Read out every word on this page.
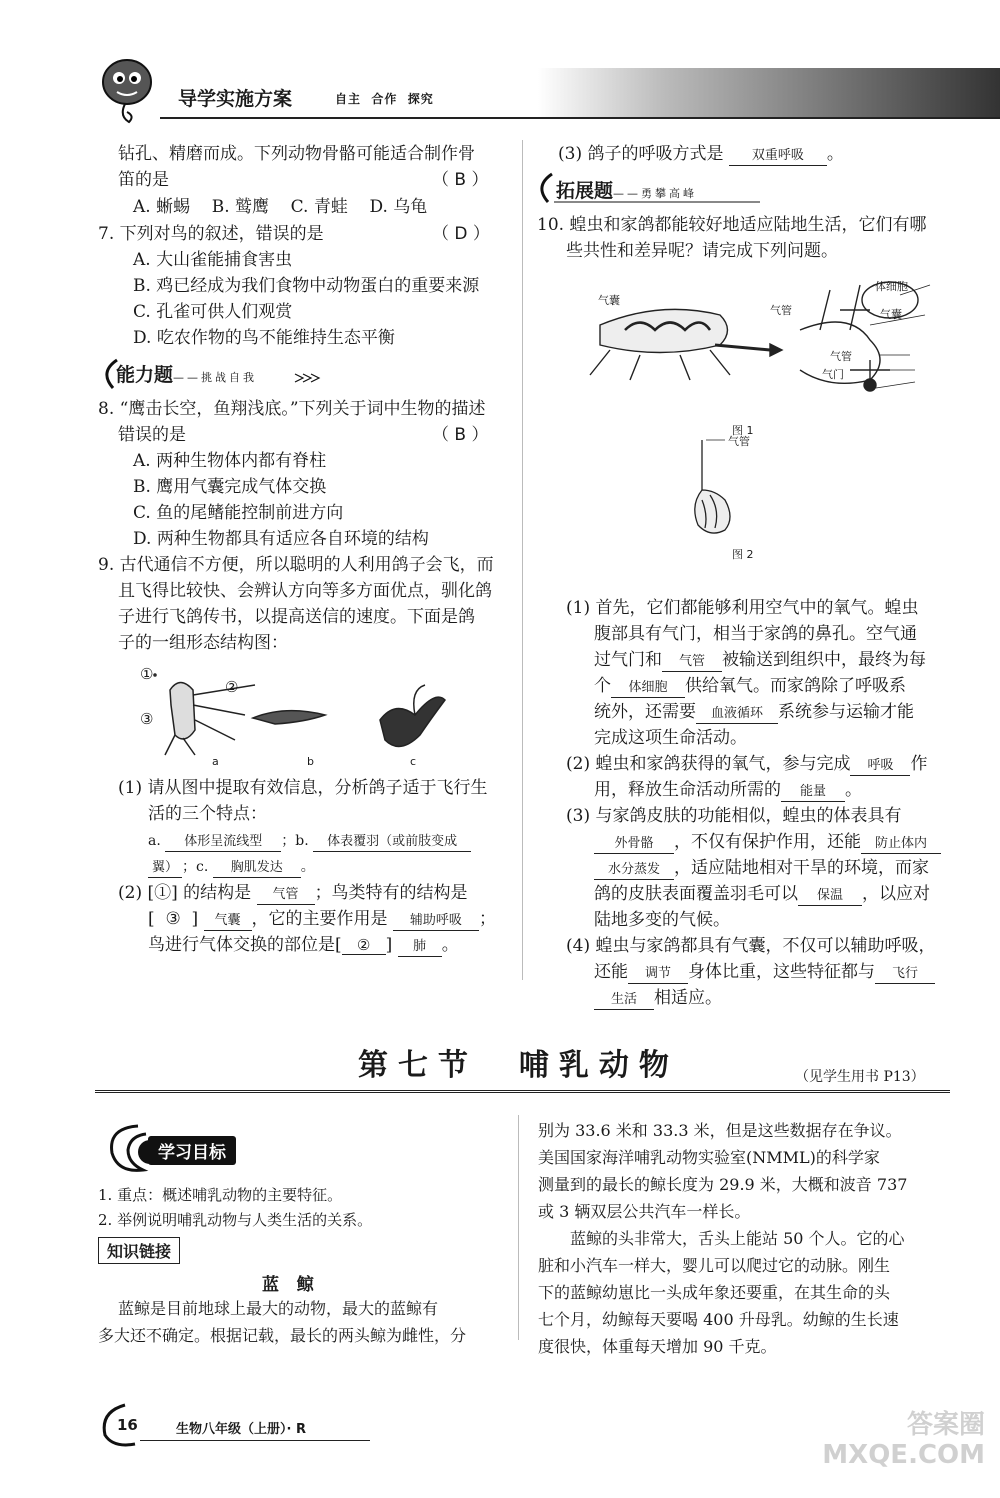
导学实施方案	自主  合作  探究
钻孔、精磨而成。下列动物骨骼可能适合制作骨
笛的是	（ B ）
A. 蜥蜴    B. 鹫鹰    C. 青蛙    D. 乌龟
7. 下列对鸟的叙述，错误的是	（ D ）
A. 大山雀能捕食害虫
B. 鸡已经成为我们食物中动物蛋白的重要来源
C. 孔雀可供人们观赏
D. 吃农作物的鸟不能维持生态平衡
能力题——挑战自我
8. “鹰击长空，鱼翔浅底。”下列关于词中生物的描述
错误的是	（ B ）
A. 两种生物体内都有脊柱
B. 鹰用气囊完成气体交换
C. 鱼的尾鳍能控制前进方向
D. 两种生物都具有适应各自环境的结构
9. 古代通信不方便，所以聪明的人利用鸽子会飞，而
且飞得比较快、会辨认方向等多方面优点，驯化鸽
子进行飞鸽传书，以提高送信的速度。下面是鸽
子的一组形态结构图：
①
②
③
a	b	c
(1) 请从图中提取有效信息，分析鸽子适于飞行生
活的三个特点：
a. 体形呈流线型 ；b. 体表覆羽（或前肢变成
翼） ；c. 胸肌发达 。
(2) [①] 的结构是 气管 ；鸟类特有的结构是
[  ③  ] 气囊 ，它的主要作用是 辅助呼吸 ；
鸟进行气体交换的部位是[ ② ] 肺 。
(3) 鸽子的呼吸方式是 双重呼吸 。
拓展题——勇攀高峰
10. 蝗虫和家鸽都能较好地适应陆地生活，它们有哪
些共性和差异呢？请完成下列问题。
气囊
气管
体细胞
气囊
气管
气门
图 1
气管
图 2
(1) 首先，它们都能够利用空气中的氧气。蝗虫
腹部具有气门，相当于家鸽的鼻孔。空气通
过气门和 气管 被输送到组织中，最终为每
个 体细胞 供给氧气。而家鸽除了呼吸系
统外，还需要 血液循环 系统参与运输才能
完成这项生命活动。
(2) 蝗虫和家鸽获得的氧气，参与完成 呼吸 作
用，释放生命活动所需的 能量 。
(3) 与家鸽皮肤的功能相似，蝗虫的体表具有
外骨骼 ，不仅有保护作用，还能 防止体内
水分蒸发 ，适应陆地相对干旱的环境，而家
鸽的皮肤表面覆盖羽毛可以 保温 ，以应对
陆地多变的气候。
(4) 蝗虫与家鸽都具有气囊，不仅可以辅助呼吸，
还能 调节 身体比重，这些特征都与 飞行
生活 相适应。
第七节  哺乳动物	（见学生用书 P13）
学习目标
1. 重点：概述哺乳动物的主要特征。
2. 举例说明哺乳动物与人类生活的关系。
知识链接
蓝   鲸
蓝鲸是目前地球上最大的动物，最大的蓝鲸有
多大还不确定。根据记载，最长的两头鲸为雌性，分
别为 33.6 米和 33.3 米，但是这些数据存在争议。
美国国家海洋哺乳动物实验室(NMML)的科学家
测量到的最长的鲸长度为 29.9 米，大概和波音 737
或 3 辆双层公共汽车一样长。
蓝鲸的头非常大，舌头上能站 50 个人。它的心
脏和小汽车一样大，婴儿可以爬过它的动脉。刚生
下的蓝鲸幼崽比一头成年象还要重，在其生命的头
七个月，幼鲸每天要喝 400 升母乳。幼鲸的生长速
度很快，体重每天增加 90 千克。
16	生物八年级（上册）· R	答案圈 MXQE.COM
